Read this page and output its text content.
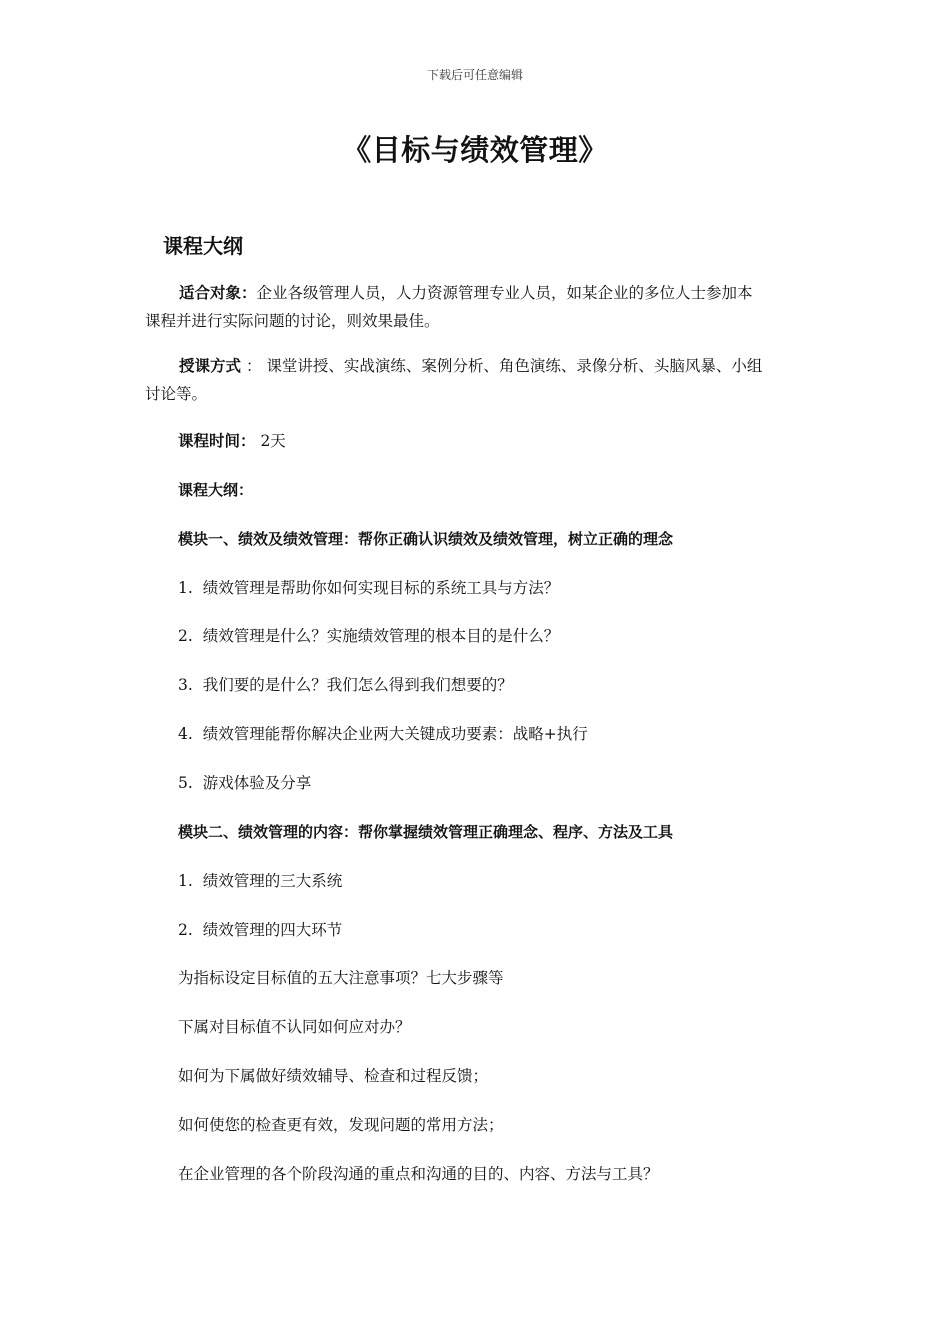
下载后可任意编辑
《目标与绩效管理》
课程大纲
适合对象：企业各级管理人员，人力资源管理专业人员，如某企业的多位人士参加本
课程并进行实际问题的讨论，则效果最佳。
授课方式 ： 课堂讲授、实战演练、案例分析、角色演练、录像分析、头脑风暴、小组
讨论等。
课程时间： 2天
课程大纲：
模块一、绩效及绩效管理：帮你正确认识绩效及绩效管理，树立正确的理念
1. 绩效管理是帮助你如何实现目标的系统工具与方法？
2. 绩效管理是什么？实施绩效管理的根本目的是什么？
3. 我们要的是什么？我们怎么得到我们想要的？
4. 绩效管理能帮你解决企业两大关键成功要素：战略+执行
5. 游戏体验及分享
模块二、绩效管理的内容：帮你掌握绩效管理正确理念、程序、方法及工具
1. 绩效管理的三大系统
2. 绩效管理的四大环节
为指标设定目标值的五大注意事项？七大步骤等
下属对目标值不认同如何应对办？
如何为下属做好绩效辅导、检查和过程反馈；
如何使您的检查更有效，发现问题的常用方法；
在企业管理的各个阶段沟通的重点和沟通的目的、内容、方法与工具？
